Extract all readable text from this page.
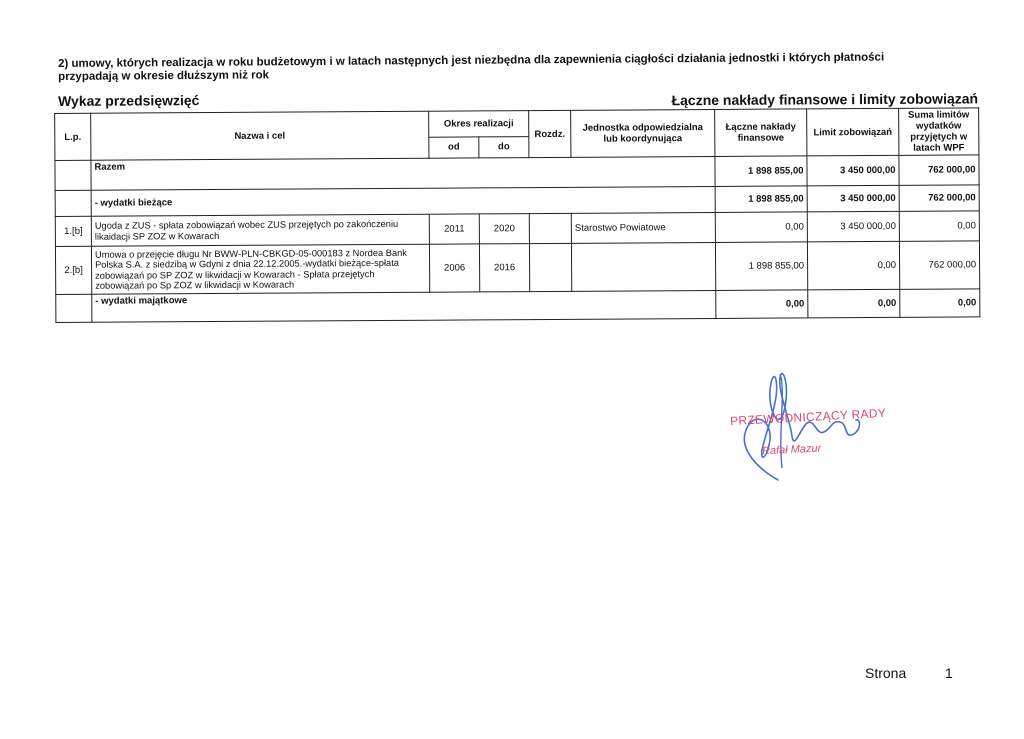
2) umowy, których realizacja w roku budżetowym i w latach następnych jest niezbędna dla zapewnienia ciągłości działania jednostki i których płatności
przypadają w okresie dłuższym niż rok
Wykaz przedsięwzięć	Łączne nakłady finansowe i limity zobowiązań
L.p.	Nazwa i cel	Okres realizacji		Rozdz.	Jednostka odpowiedzialna lub koordynująca	Łączne nakłady finansowe	Limit zobowiązań	Suma limitów wydatków przyjętych w latach WPF
		od	do					
	Razem					1 898 855,00	3 450 000,00	762 000,00
	- wydatki bieżące					1 898 855,00	3 450 000,00	762 000,00
1.[b]	Ugoda z ZUS - spłata zobowiązań wobec ZUS przejętych po zakończeniu likaidacji SP ZOZ w Kowarach	2011	2020		Starostwo Powiatowe	0,00	3 450 000,00	0,00
2.[b]	Umowa o przejęcie długu Nr BWW-PLN-CBKGD-05-000183 z Nordea Bank Polska S.A. z siedzibą w Gdyni z dnia 22.12.2005.-wydatki bieżące-spłata zobowiązań po SP ZOZ w likwidacji w Kowarach - Spłata przejętych zobowiązań po Sp ZOZ w likwidacji w Kowarach	2006	2016			1 898 855,00	0,00	762 000,00
	- wydatki majątkowe					0,00	0,00	0,00
PRZEWODNICZĄCY RADY
Rafał Mazur
Strona	1
